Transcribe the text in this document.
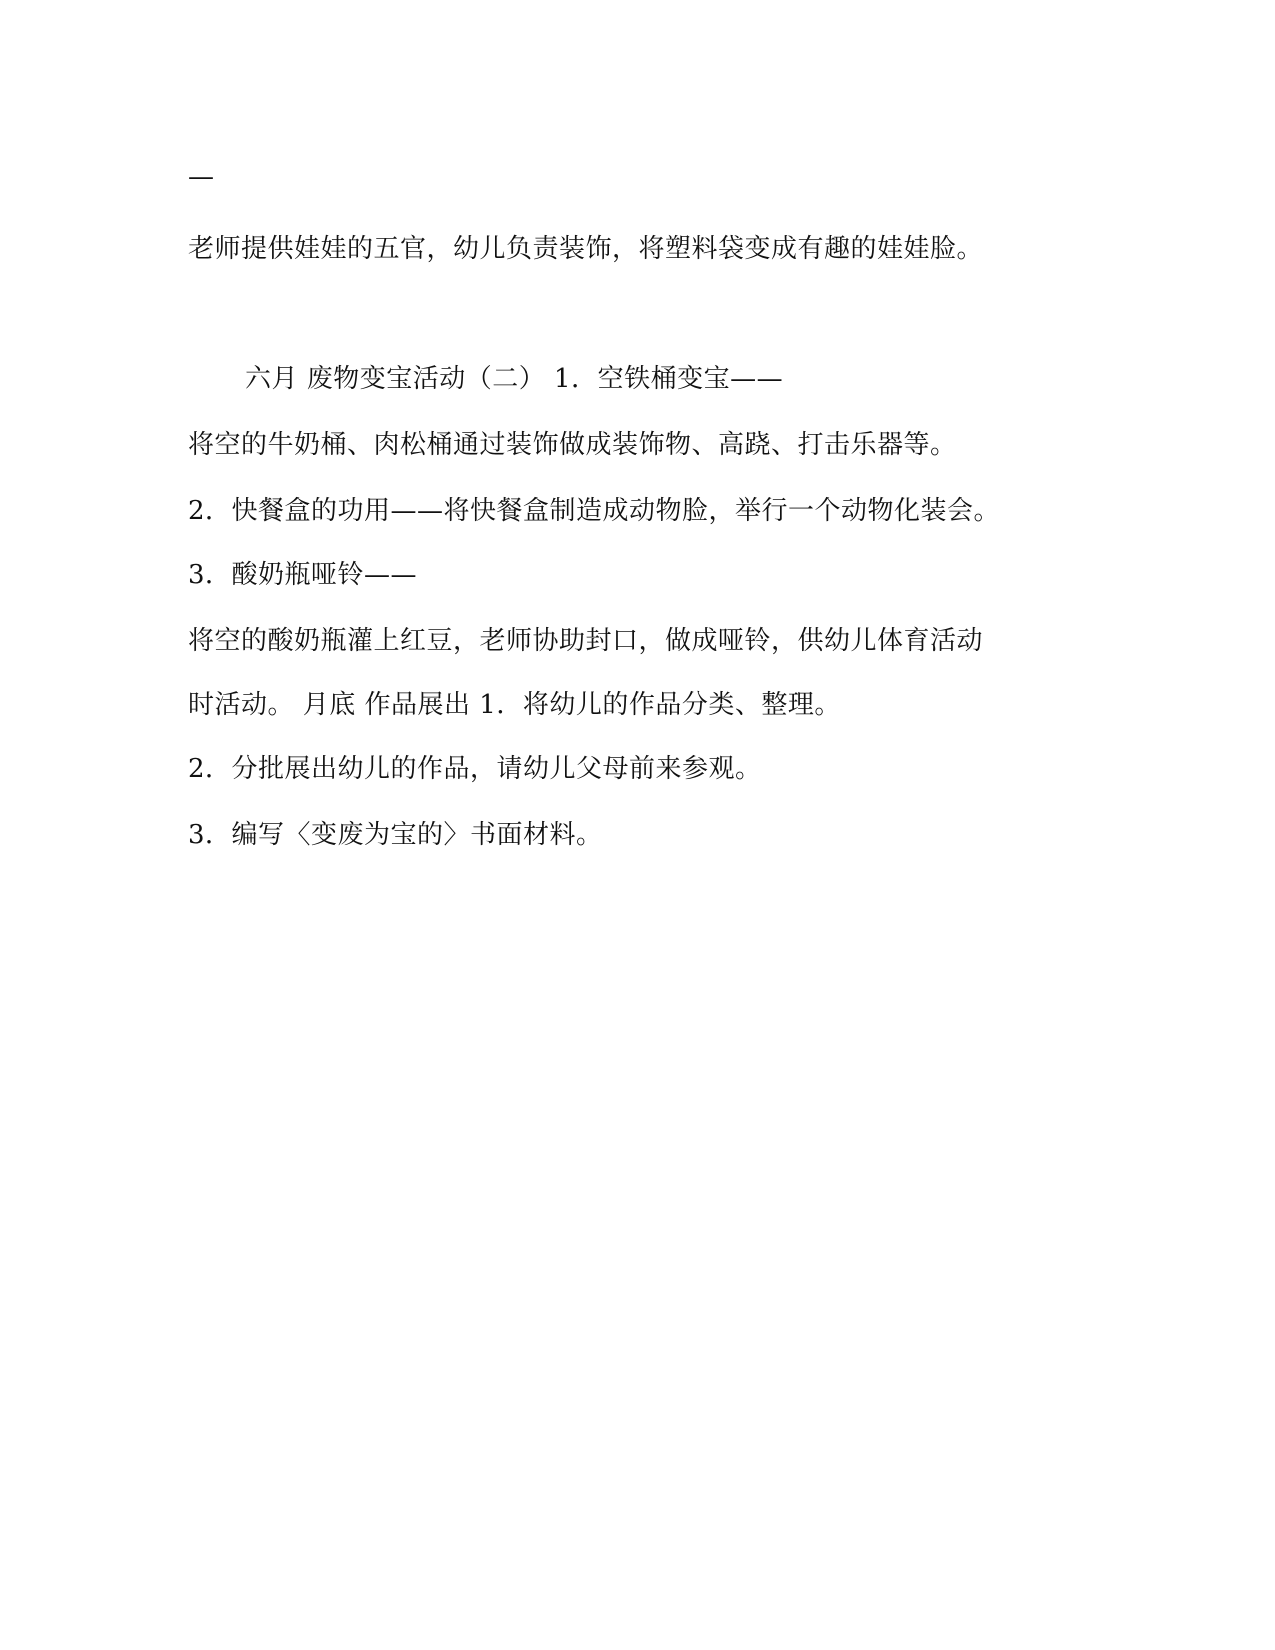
—
老师提供娃娃的五官，幼儿负责装饰，将塑料袋变成有趣的娃娃脸。
六月 废物变宝活动（二） 1．空铁桶变宝——
将空的牛奶桶、肉松桶通过装饰做成装饰物、高跷、打击乐器等。
2．快餐盒的功用——将快餐盒制造成动物脸，举行一个动物化装会。
3．酸奶瓶哑铃——
将空的酸奶瓶灌上红豆，老师协助封口，做成哑铃，供幼儿体育活动
时活动。 月底 作品展出 1．将幼儿的作品分类、整理。
2．分批展出幼儿的作品，请幼儿父母前来参观。
3．编写〈变废为宝的〉书面材料。
